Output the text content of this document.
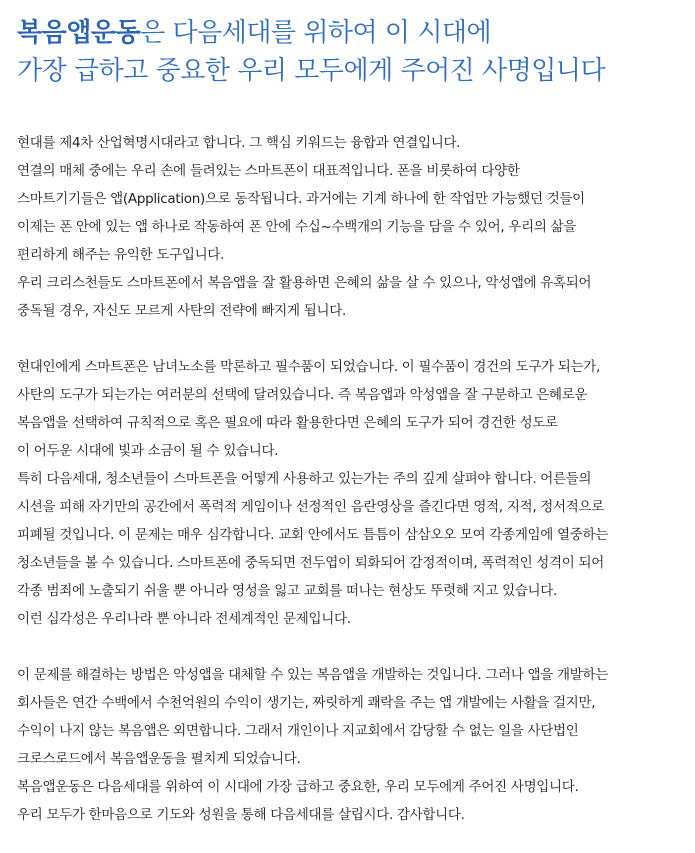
복음앱운동은 다음세대를 위하여 이 시대에
가장 급하고 중요한 우리 모두에게 주어진 사명입니다
현대를 제4차 산업혁명시대라고 합니다. 그 핵심 키워드는 융합과 연결입니다.
연결의 매체 중에는 우리 손에 들려있는 스마트폰이 대표적입니다. 폰을 비롯하여 다양한
스마트기기들은 앱(Application)으로 동작됩니다. 과거에는 기계 하나에 한 작업만 가능했던 것들이
이제는 폰 안에 있는 앱 하나로 작동하여 폰 안에 수십~수백개의 기능을 담을 수 있어, 우리의 삶을
편리하게 해주는 유익한 도구입니다.
우리 크리스천들도 스마트폰에서 복음앱을 잘 활용하면 은혜의 삶을 살 수 있으나, 악성앱에 유혹되어
중독될 경우, 자신도 모르게 사탄의 전략에 빠지게 됩니다.
현대인에게 스마트폰은 남녀노소를 막론하고 필수품이 되었습니다. 이 필수품이 경건의 도구가 되는가,
사탄의 도구가 되는가는 여러분의 선택에 달려있습니다. 즉 복음앱과 악성앱을 잘 구분하고 은혜로운
복음앱을 선택하여 규칙적으로 혹은 필요에 따라 활용한다면 은혜의 도구가 되어 경건한 성도로
이 어두운 시대에 빛과 소금이 될 수 있습니다.
특히 다음세대, 청소년들이 스마트폰을 어떻게 사용하고 있는가는 주의 깊게 살펴야 합니다. 어른들의
시선을 피해 자기만의 공간에서 폭력적 게임이나 선정적인 음란영상을 즐긴다면 영적, 지적, 정서적으로
피폐될 것입니다. 이 문제는 매우 심각합니다. 교회 안에서도 틈틈이 삼삼오오 모여 각종게임에 열중하는
청소년들을 볼 수 있습니다. 스마트폰에 중독되면 전두엽이 퇴화되어 감정적이며, 폭력적인 성격이 되어
각종 범죄에 노출되기 쉬울 뿐 아니라 영성을 잃고 교회를 떠나는 현상도 뚜렷해 지고 있습니다.
이런 심각성은 우리나라 뿐 아니라 전세계적인 문제입니다.
이 문제를 해결하는 방법은 악성앱을 대체할 수 있는 복음앱을 개발하는 것입니다. 그러나 앱을 개발하는
회사들은 연간 수백에서 수천억원의 수익이 생기는, 짜릿하게 쾌락을 주는 앱 개발에는 사활을 걸지만,
수익이 나지 않는 복음앱은 외면합니다. 그래서 개인이나 지교회에서 감당할 수 없는 일을 사단법인
크로스로드에서 복음앱운동을 펼치게 되었습니다.
복음앱운동은 다음세대를 위하여 이 시대에 가장 급하고 중요한, 우리 모두에게 주어진 사명입니다.
우리 모두가 한마음으로 기도와 성원을 통해 다음세대를 살립시다. 감사합니다.
